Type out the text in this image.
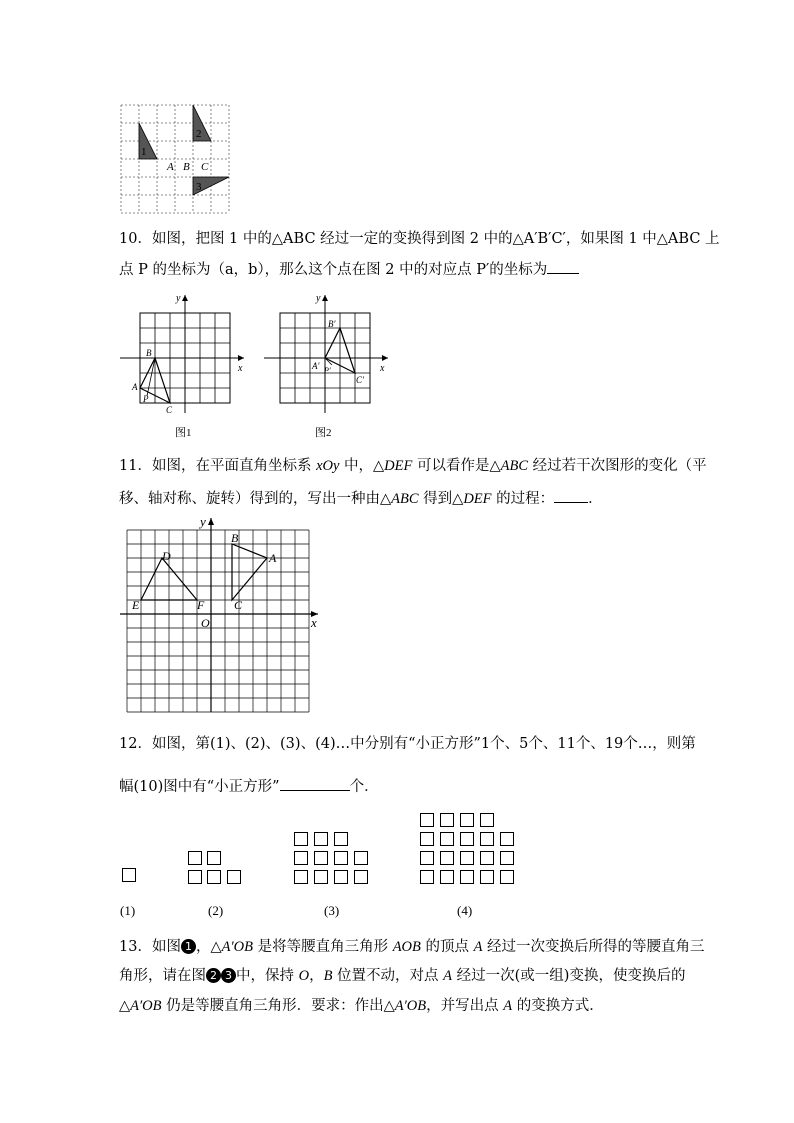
1
2
3
A B C
10．如图，把图 1 中的△ABC 经过一定的变换得到图 2 中的△A′B′C′，如果图 1 中△ABC 上
点 P 的坐标为（a，b），那么这个点在图 2 中的对应点 P′的坐标为
y
x
B
A
P
C
图1
y
x
B′
A′ P′
C′
图2
11．如图，在平面直角坐标系 xOy 中，△DEF 可以看作是△ABC 经过若干次图形的变化（平
移、轴对称、旋转）得到的，写出一种由△ABC 得到△DEF 的过程： ．
y
x
O
D
E	F
B
A
C
12．如图，第(1)、(2)、(3)、(4)…中分别有“小正方形”1个、5个、11个、19个…，则第
幅(10)图中有“小正方形”	个．
(1)	(2)	(3)	(4)
13．如图 1 ，△A′OB 是将等腰直角三角形 AOB 的顶点 A 经过一次变换后所得的等腰直角三
角形，请在图 2 3 中，保持 O，B 位置不动，对点 A 经过一次(或一组)变换，使变换后的
△A′OB 仍是等腰直角三角形．要求：作出△A′OB，并写出点 A 的变换方式．
